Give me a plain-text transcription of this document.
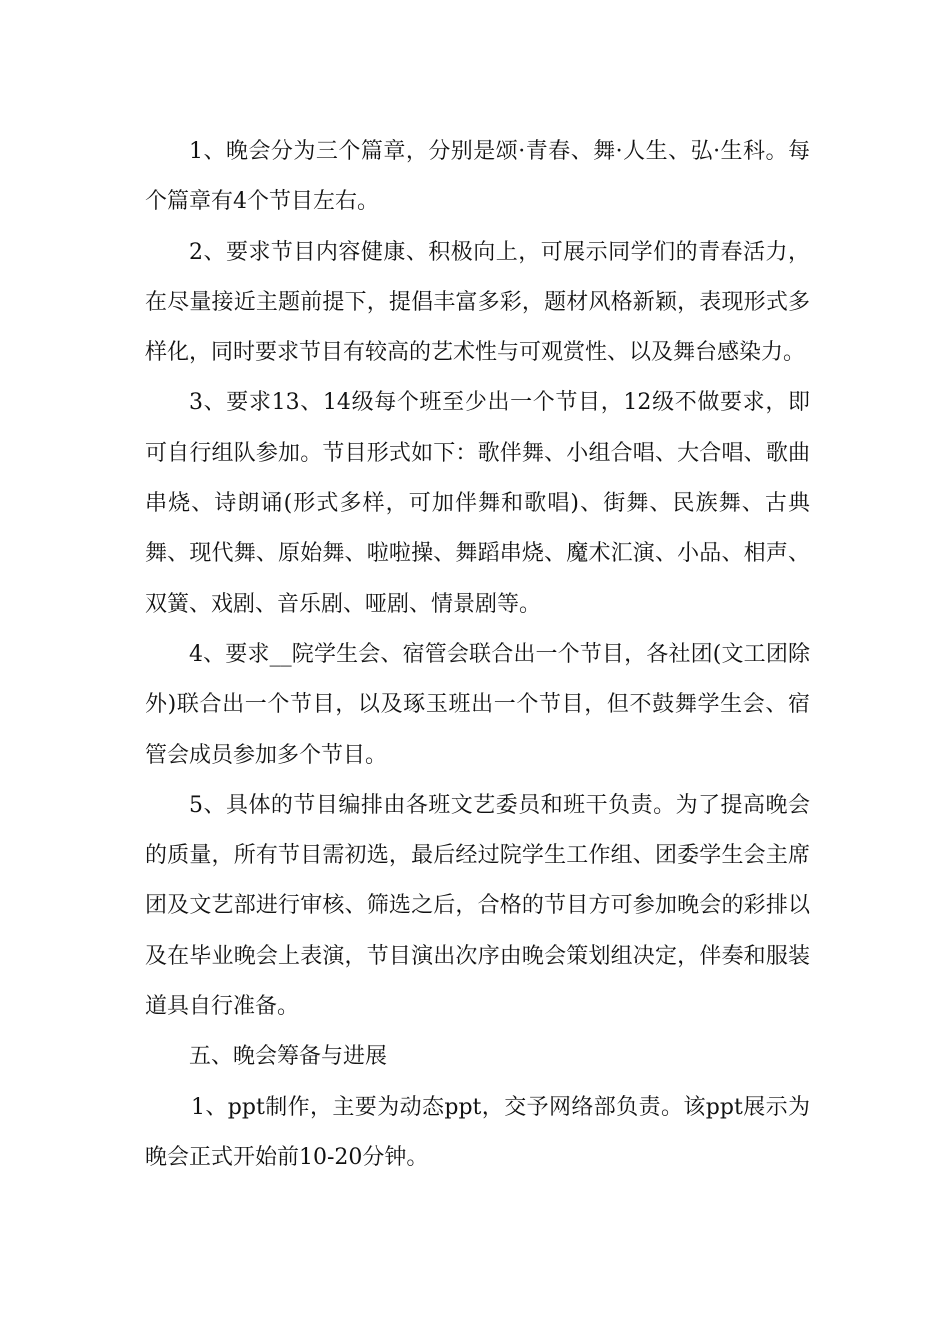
1、晚会分为三个篇章，分别是颂·青春、舞·人生、弘·生科。每个篇章有4个节目左右。

2、要求节目内容健康、积极向上，可展示同学们的青春活力，在尽量接近主题前提下，提倡丰富多彩，题材风格新颖，表现形式多样化，同时要求节目有较高的艺术性与可观赏性、以及舞台感染力。

3、要求13、14级每个班至少出一个节目，12级不做要求，即可自行组队参加。节目形式如下：歌伴舞、小组合唱、大合唱、歌曲串烧、诗朗诵(形式多样，可加伴舞和歌唱)、街舞、民族舞、古典舞、现代舞、原始舞、啦啦操、舞蹈串烧、魔术汇演、小品、相声、双簧、戏剧、音乐剧、哑剧、情景剧等。

4、要求__院学生会、宿管会联合出一个节目，各社团(文工团除外)联合出一个节目，以及琢玉班出一个节目，但不鼓舞学生会、宿管会成员参加多个节目。

5、具体的节目编排由各班文艺委员和班干负责。为了提高晚会的质量，所有节目需初选，最后经过院学生工作组、团委学生会主席团及文艺部进行审核、筛选之后，合格的节目方可参加晚会的彩排以及在毕业晚会上表演，节目演出次序由晚会策划组决定，伴奏和服装道具自行准备。

五、晚会筹备与进展

1、ppt制作，主要为动态ppt，交予网络部负责。该ppt展示为晚会正式开始前10-20分钟。
